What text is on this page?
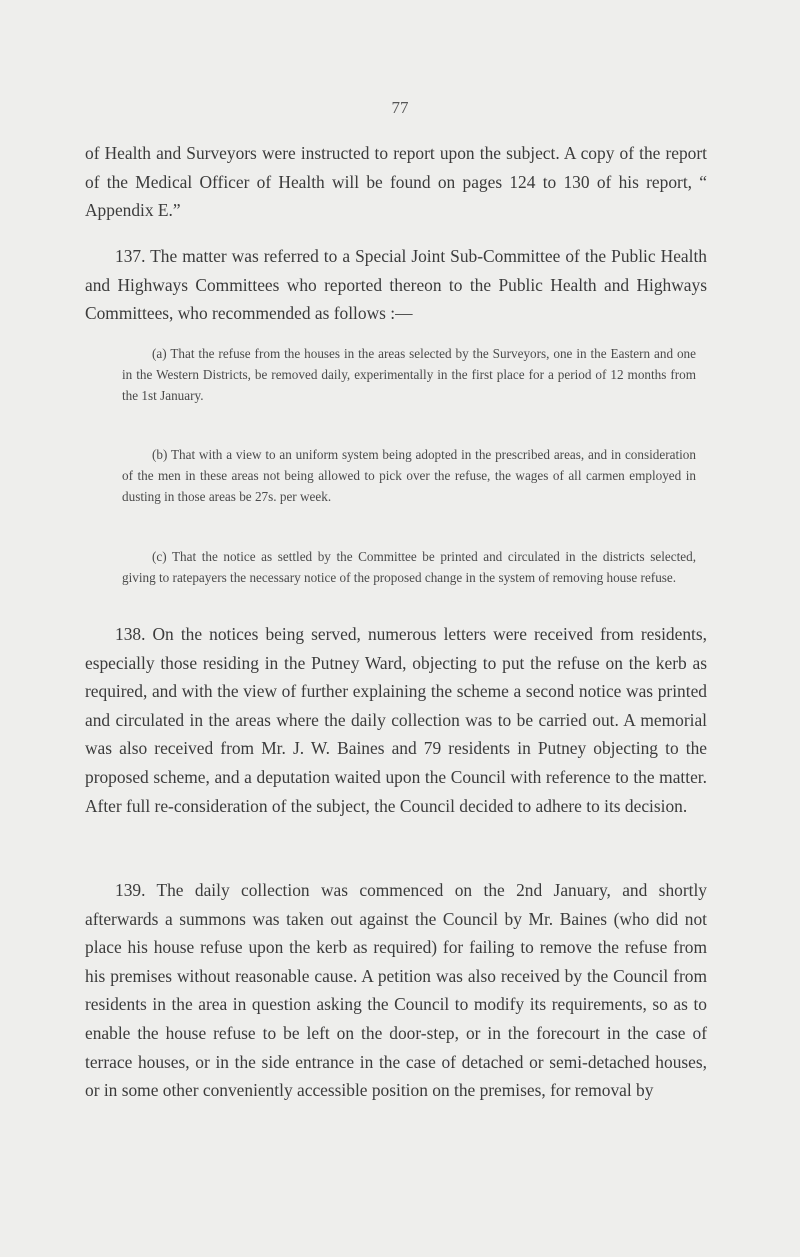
77

of Health and Surveyors were instructed to report upon the subject. A copy of the report of the Medical Officer of Health will be found on pages 124 to 130 of his report, “ Appendix E.”

137. The matter was referred to a Special Joint Sub-Committee of the Public Health and Highways Committees who reported thereon to the Public Health and Highways Committees, who recommended as follows :—

(a) That the refuse from the houses in the areas selected by the Surveyors, one in the Eastern and one in the Western Districts, be removed daily, experimentally in the first place for a period of 12 months from the 1st January.

(b) That with a view to an uniform system being adopted in the prescribed areas, and in consideration of the men in these areas not being allowed to pick over the refuse, the wages of all carmen employed in dusting in those areas be 27s. per week.

(c) That the notice as settled by the Committee be printed and circulated in the districts selected, giving to ratepayers the necessary notice of the proposed change in the system of removing house refuse.

138. On the notices being served, numerous letters were received from residents, especially those residing in the Putney Ward, objecting to put the refuse on the kerb as required, and with the view of further explaining the scheme a second notice was printed and circulated in the areas where the daily collection was to be carried out. A memorial was also received from Mr. J. W. Baines and 79 residents in Putney objecting to the proposed scheme, and a deputation waited upon the Council with reference to the matter. After full re-consideration of the subject, the Council decided to adhere to its decision.

139. The daily collection was commenced on the 2nd January, and shortly afterwards a summons was taken out against the Council by Mr. Baines (who did not place his house refuse upon the kerb as required) for failing to remove the refuse from his premises without reasonable cause. A petition was also received by the Council from residents in the area in question asking the Council to modify its requirements, so as to enable the house refuse to be left on the door-step, or in the forecourt in the case of terrace houses, or in the side entrance in the case of detached or semi-detached houses, or in some other conveniently accessible position on the premises, for removal by
